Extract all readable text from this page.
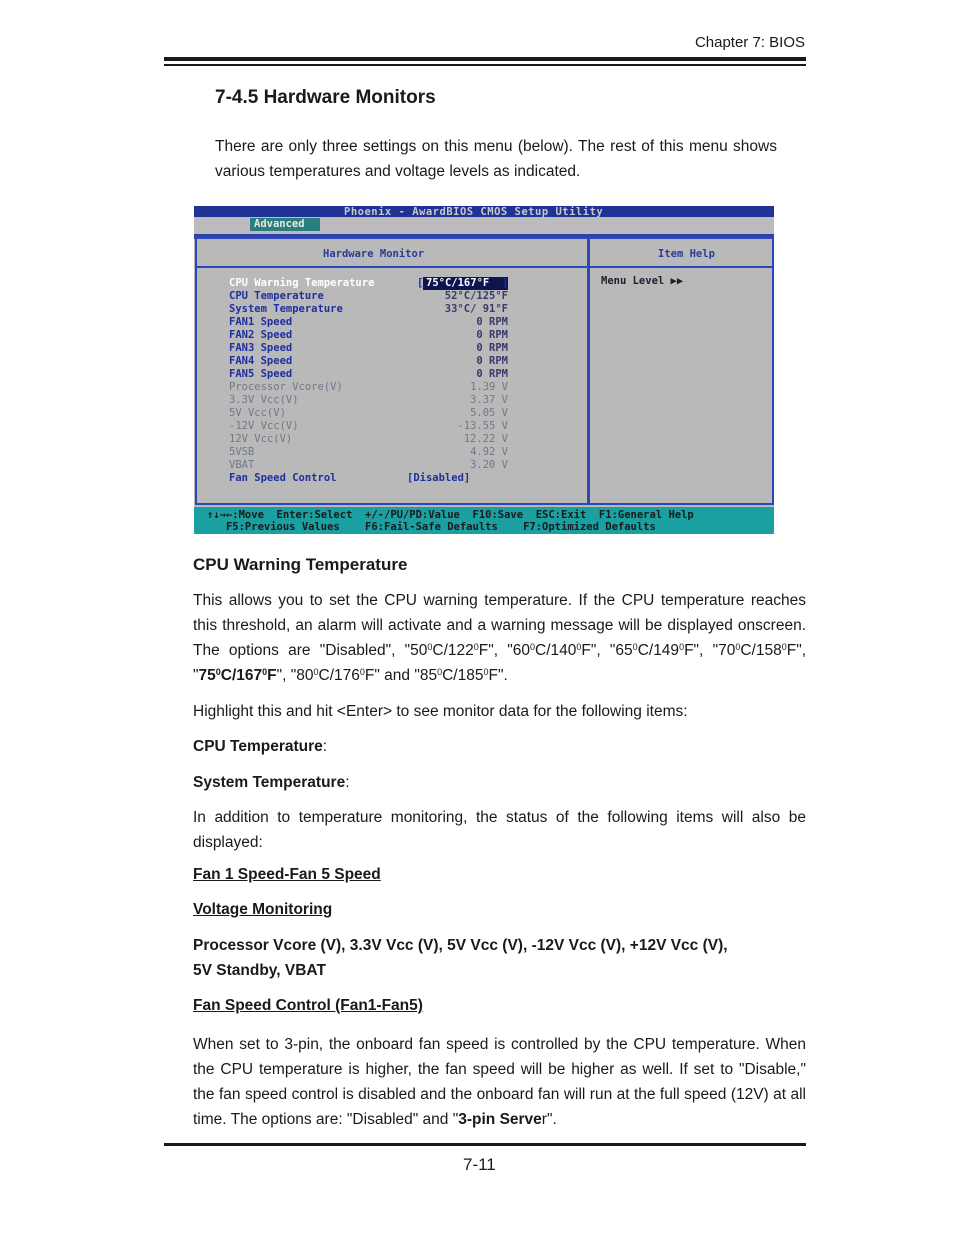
Chapter 7: BIOS
7-4.5 Hardware Monitors
There are only three settings on this menu (below). The rest of this menu shows various temperatures and voltage levels as indicated.
Phoenix - AwardBIOS CMOS Setup Utility
Advanced
Hardware Monitor
CPU Warning Temperature	[ 75°C/167°F	]
CPU Temperature	52°C/125°F
System Temperature	33°C/ 91°F
FAN1 Speed	0 RPM
FAN2 Speed	0 RPM
FAN3 Speed	0 RPM
FAN4 Speed	0 RPM
FAN5 Speed	0 RPM
Processor Vcore(V)	1.39 V
3.3V Vcc(V)	3.37 V
5V Vcc(V)	5.05 V
-12V Vcc(V)	-13.55 V
12V Vcc(V)	12.22 V
5VSB	4.92 V
VBAT	3.20 V
Fan Speed Control	[Disabled]
Item Help
Menu Level ▶▶
↑↓→←:Move  Enter:Select  +/-/PU/PD:Value  F10:Save  ESC:Exit  F1:General Help
F5:Previous Values    F6:Fail-Safe Defaults    F7:Optimized Defaults
CPU Warning Temperature
This allows you to set the CPU warning temperature. If the CPU temperature reaches this threshold, an alarm will activate and a warning message will be displayed onscreen. The options are "Disabled", "$50^0C/122^0F$", "$60^0C/140^0F$", "$65^0C/149^0F$", "$70^0C/158^0F$", "$75^0C/167^0F$", "$80^0C/176^0F$" and "$85^0C/185^0F$".
Highlight this and hit <Enter> to see monitor data for the following items:
CPU Temperature:
System Temperature:
In addition to temperature monitoring, the status of the following items will also be displayed:
Fan 1 Speed-Fan 5 Speed
Voltage Monitoring
Processor Vcore (V), 3.3V Vcc (V), 5V Vcc (V), -12V Vcc (V), +12V Vcc (V),
5V Standby, VBAT
Fan Speed Control (Fan1-Fan5)
When set to 3-pin, the onboard fan speed is controlled by the CPU temperature. When the CPU temperature is higher, the fan speed will be higher as well. If set to "Disable," the fan speed control is disabled and the onboard fan will run at the full speed (12V) at all time. The options are: "Disabled" and "3-pin Server".
7-11
